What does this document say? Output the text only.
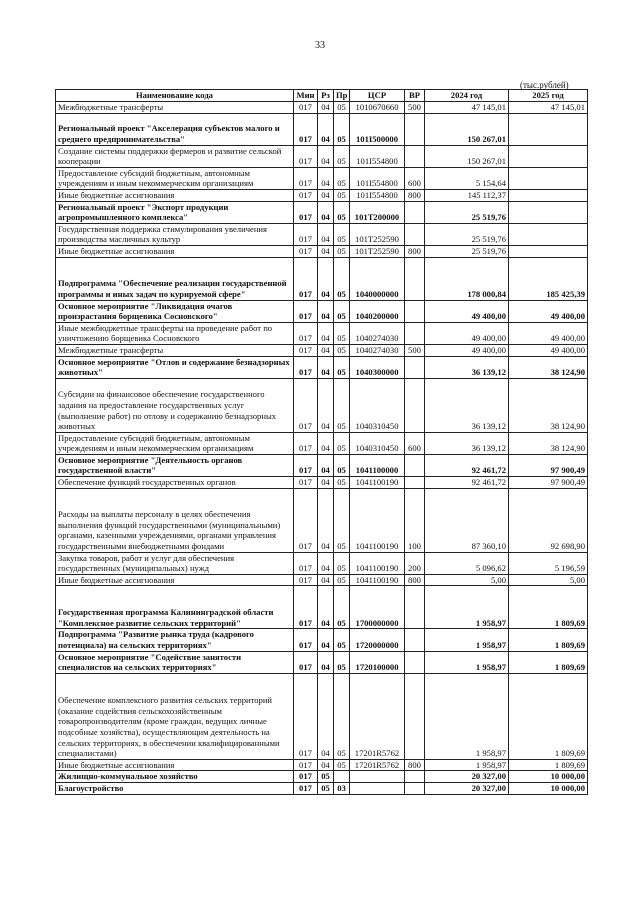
33
(тыс.рублей)
Наименование кода	Мин	Рз	Пр	ЦСР	ВР	2024 год	2025 год
Межбюджетные трансферты	017	04	05	1010670660	500	47 145,01	47 145,01
Региональный проект "Акселерация субъектов малого и среднего предпринимательства"	017	04	05	101I500000		150 267,01	
Создание системы поддержки фермеров и развитие сельской кооперации	017	04	05	101I554800		150 267,01	
Предоставление субсидий бюджетным, автономным учреждениям и иным некоммерческим организациям	017	04	05	101I554800	600	5 154,64	
Иные бюджетные ассигнования	017	04	05	101I554800	800	145 112,37	
Региональный проект "Экспорт продукции агропромышленного комплекса"	017	04	05	101T200000		25 519,76	
Государственная поддержка стимулирования увеличения производства масличных культур	017	04	05	101T252590		25 519,76	
Иные бюджетные ассигнования	017	04	05	101T252590	800	25 519,76	
Подпрограмма "Обеспечение реализации государственной программы и иных задач по курируемой сфере"	017	04	05	1040000000		178 000,84	185 425,39
Основное мероприятие "Ликвидация очагов произрастания борщевика Сосновского"	017	04	05	1040200000		49 400,00	49 400,00
Иные межбюджетные трансферты на проведение работ по уничтожению борщевика Сосновского	017	04	05	1040274030		49 400,00	49 400,00
Межбюджетные трансферты	017	04	05	1040274030	500	49 400,00	49 400,00
Основное мероприятие "Отлов и содержание безнадзорных животных"	017	04	05	1040300000		36 139,12	38 124,90
Субсидии на финансовое обеспечение государственного задания на предоставление государственных услуг (выполнение работ) по отлову и содержанию безнадзорных животных	017	04	05	1040310450		36 139,12	38 124,90
Предоставление субсидий бюджетным, автономным учреждениям и иным некоммерческим организациям	017	04	05	1040310450	600	36 139,12	38 124,90
Основное мероприятие "Деятельность органов государственной власти"	017	04	05	1041100000		92 461,72	97 900,49
Обеспечение функций государственных органов	017	04	05	1041100190		92 461,72	97 900,49
Расходы на выплаты персоналу в целях обеспечения выполнения функций государственными (муниципальными) органами, казенными учреждениями, органами управления государственными внебюджетными фондами	017	04	05	1041100190	100	87 360,10	92 698,90
Закупка товаров, работ и услуг для обеспечения государственных (муниципальных) нужд	017	04	05	1041100190	200	5 096,62	5 196,59
Иные бюджетные ассигнования	017	04	05	1041100190	800	5,00	5,00
Государственная программа Калининградской области "Комплексное развитие сельских территорий"	017	04	05	1700000000		1 958,97	1 809,69
Подпрограмма "Развитие рынка труда (кадрового потенциала) на сельских территориях"	017	04	05	1720000000		1 958,97	1 809,69
Основное мероприятие "Содействие занятости специалистов на сельских территориях"	017	04	05	1720100000		1 958,97	1 809,69
Обеспечение комплексного развития сельских территорий (оказание содействия сельскохозяйственным товаропроизводителям (кроме граждан, ведущих личные подсобные хозяйства), осуществляющим деятельность на сельских территориях, в обеспечении квалифицированными специалистами)	017	04	05	17201R5762		1 958,97	1 809,69
Иные бюджетные ассигнования	017	04	05	17201R5762	800	1 958,97	1 809,69
Жилищно-коммунальное хозяйство	017	05				20 327,00	10 000,00
Благоустройство	017	05	03			20 327,00	10 000,00
